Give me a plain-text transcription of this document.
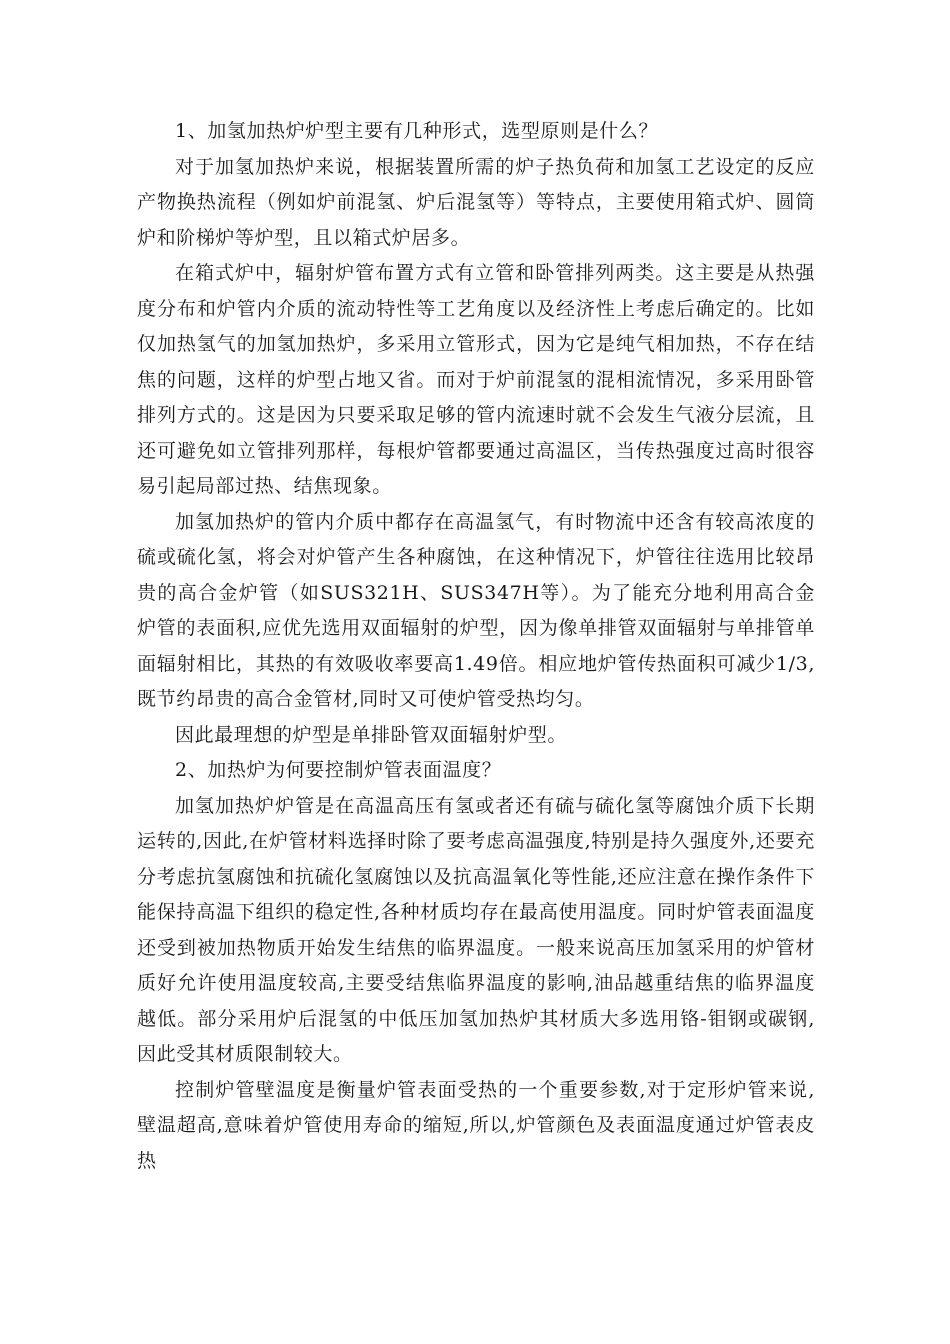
1、加氢加热炉炉型主要有几种形式，选型原则是什么？

对于加氢加热炉来说，根据装置所需的炉子热负荷和加氢工艺设定的反应产物换热流程（例如炉前混氢、炉后混氢等）等特点，主要使用箱式炉、圆筒炉和阶梯炉等炉型，且以箱式炉居多。

在箱式炉中，辐射炉管布置方式有立管和卧管排列两类。这主要是从热强度分布和炉管内介质的流动特性等工艺角度以及经济性上考虑后确定的。比如仅加热氢气的加氢加热炉，多采用立管形式，因为它是纯气相加热，不存在结焦的问题，这样的炉型占地又省。而对于炉前混氢的混相流情况，多采用卧管排列方式的。这是因为只要采取足够的管内流速时就不会发生气液分层流，且还可避免如立管排列那样，每根炉管都要通过高温区，当传热强度过高时很容易引起局部过热、结焦现象。

加氢加热炉的管内介质中都存在高温氢气，有时物流中还含有较高浓度的硫或硫化氢，将会对炉管产生各种腐蚀，在这种情况下，炉管往往选用比较昂贵的高合金炉管（如SUS321H、SUS347H等）。为了能充分地利用高合金炉管的表面积,应优先选用双面辐射的炉型，因为像单排管双面辐射与单排管单面辐射相比，其热的有效吸收率要高1.49倍。相应地炉管传热面积可减少1/3,既节约昂贵的高合金管材,同时又可使炉管受热均匀。

因此最理想的炉型是单排卧管双面辐射炉型。

2、加热炉为何要控制炉管表面温度？

加氢加热炉炉管是在高温高压有氢或者还有硫与硫化氢等腐蚀介质下长期运转的,因此,在炉管材料选择时除了要考虑高温强度,特别是持久强度外,还要充分考虑抗氢腐蚀和抗硫化氢腐蚀以及抗高温氧化等性能,还应注意在操作条件下能保持高温下组织的稳定性,各种材质均存在最高使用温度。同时炉管表面温度还受到被加热物质开始发生结焦的临界温度。一般来说高压加氢采用的炉管材质好允许使用温度较高,主要受结焦临界温度的影响,油品越重结焦的临界温度越低。部分采用炉后混氢的中低压加氢加热炉其材质大多选用铬-钼钢或碳钢,因此受其材质限制较大。

控制炉管壁温度是衡量炉管表面受热的一个重要参数,对于定形炉管来说,壁温超高,意味着炉管使用寿命的缩短,所以,炉管颜色及表面温度通过炉管表皮热
